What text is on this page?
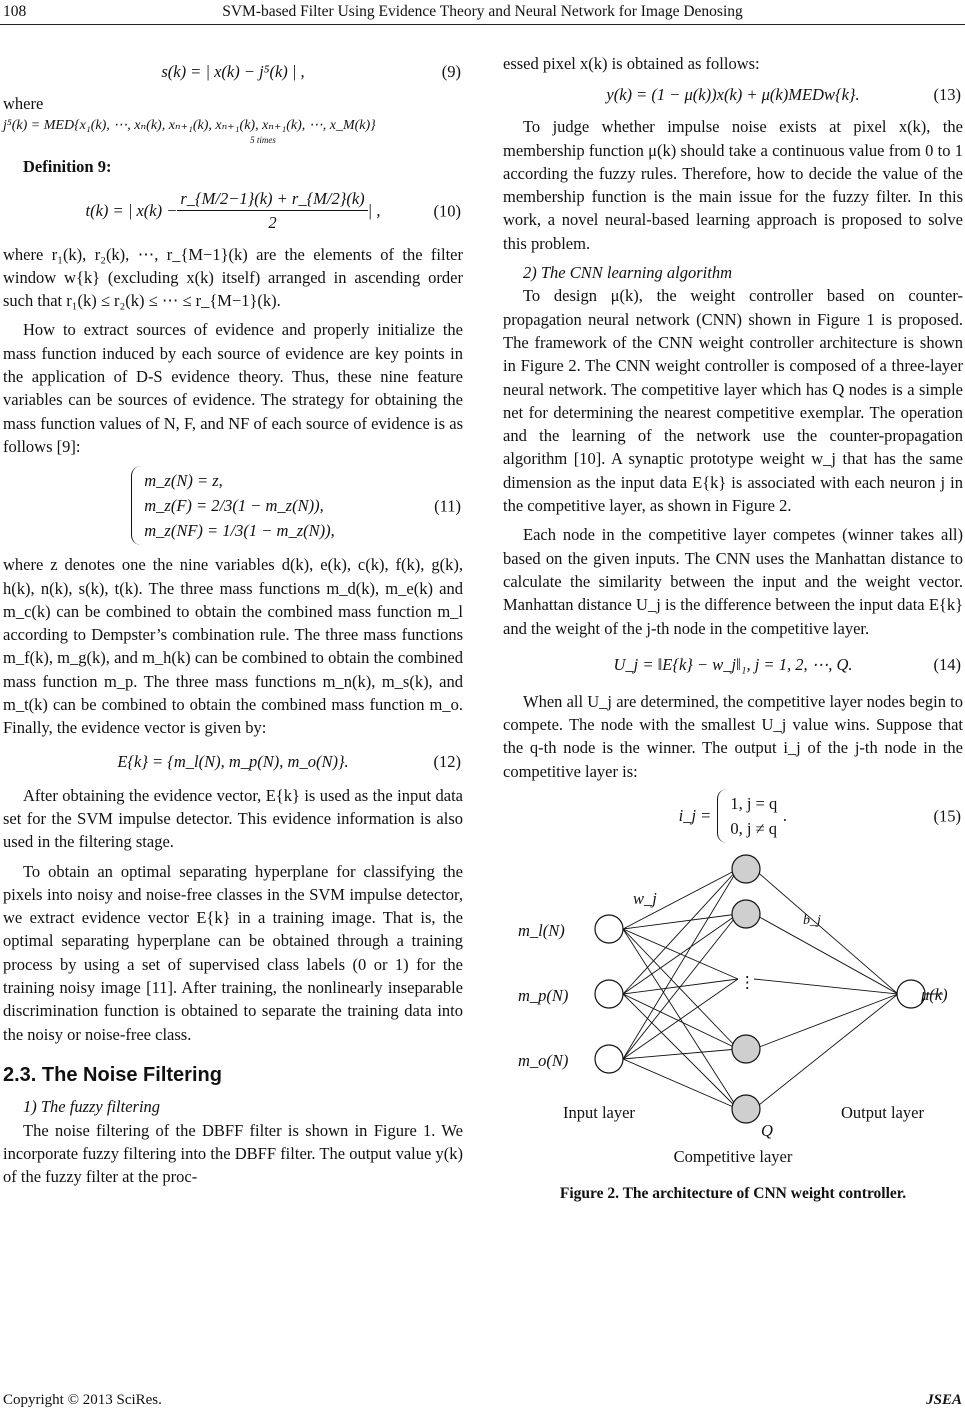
108	SVM-based Filter Using Evidence Theory and Neural Network for Image Denosing
s(k) = | x(k) − j⁵(k) | ,	(9)

where

j⁵(k) = MED{x₁(k), ⋯, xₙ(k), xₙ₊₁(k), xₙ₊₁(k), xₙ₊₁(k), ⋯, x_M(k)}
5 times

Definition 9:

t(k) = | $x(k) - \frac{r\_\{M/2-1\}(k) + r\_\{M/2\}(k)}{2}$ | ,	(10)

where r₁(k), r₂(k), ⋯, r_{M−1}(k) are the elements of the filter window w{k} (excluding x(k) itself) arranged in ascending order such that r₁(k) ≤ r₂(k) ≤ ⋯ ≤ r_{M−1}(k).

How to extract sources of evidence and properly initialize the mass function induced by each source of evidence are key points in the application of D-S evidence theory. Thus, these nine feature variables can be sources of evidence. The strategy for obtaining the mass function values of N, F, and NF of each source of evidence is as follows [9]:

m_z(N) = z,
m_z(F) = 2/3(1 − m_z(N)),
m_z(NF) = 1/3(1 − m_z(N)),
(11)

where z denotes one the nine variables d(k), e(k), c(k), f(k), g(k), h(k), n(k), s(k), t(k). The three mass functions m_d(k), m_e(k) and m_c(k) can be combined to obtain the combined mass function m_l according to Dempster’s combination rule. The three mass functions m_f(k), m_g(k), and m_h(k) can be combined to obtain the combined mass function m_p. The three mass functions m_n(k), m_s(k), and m_t(k) can be combined to obtain the combined mass function m_o. Finally, the evidence vector is given by:

E{k} = {m_l(N), m_p(N), m_o(N)}.	(12)

After obtaining the evidence vector, E{k} is used as the input data set for the SVM impulse detector. This evidence information is also used in the filtering stage.

To obtain an optimal separating hyperplane for classifying the pixels into noisy and noise-free classes in the SVM impulse detector, we extract evidence vector E{k} in a training image. That is, the optimal separating hyperplane can be obtained through a training process by using a set of supervised class labels (0 or 1) for the training noisy image [11]. After training, the nonlinearly inseparable discrimination function is obtained to separate the training data into the noisy or noise-free class.

2.3. The Noise Filtering

1) The fuzzy filtering

The noise filtering of the DBFF filter is shown in Figure 1. We incorporate fuzzy filtering into the DBFF filter. The output value y(k) of the fuzzy filter at the proc-

essed pixel x(k) is obtained as follows:

y(k) = (1 − μ(k))x(k) + μ(k)MEDw{k}.	(13)

To judge whether impulse noise exists at pixel x(k), the membership function μ(k) should take a continuous value from 0 to 1 according the fuzzy rules. Therefore, how to decide the value of the membership function is the main issue for the fuzzy filter. In this work, a novel neural-based learning approach is proposed to solve this problem.

2) The CNN learning algorithm

To design μ(k), the weight controller based on counter-propagation neural network (CNN) shown in Figure 1 is proposed. The framework of the CNN weight controller architecture is shown in Figure 2. The CNN weight controller is composed of a three-layer neural network. The competitive layer which has Q nodes is a simple net for determining the nearest competitive exemplar. The operation and the learning of the network use the counter-propagation algorithm [10]. A synaptic prototype weight w_j that has the same dimension as the input data E{k} is associated with each neuron j in the competitive layer, as shown in Figure 2.

Each node in the competitive layer competes (winner takes all) based on the given inputs. The CNN uses the Manhattan distance to calculate the similarity between the input and the weight vector. Manhattan distance U_j is the difference between the input data E{k} and the weight of the j-th node in the competitive layer.

U_j = ‖E{k} − w_j‖₁, j = 1, 2, ⋯, Q.	(14)

When all U_j are determined, the competitive layer nodes begin to compete. The node with the smallest U_j value wins. Suppose that the q-th node is the winner. The output i_j of the j-th node in the competitive layer is:

i_j =
1, j = q
0, j ≠ q
.	(15)
w_j
b_j
m_l(N)
m_p(N)
m_o(N)
⋮
μ(k)
Input layer	Output layer
Q
Competitive layer
Figure 2. The architecture of CNN weight controller.
Copyright © 2013 SciRes.	JSEA
